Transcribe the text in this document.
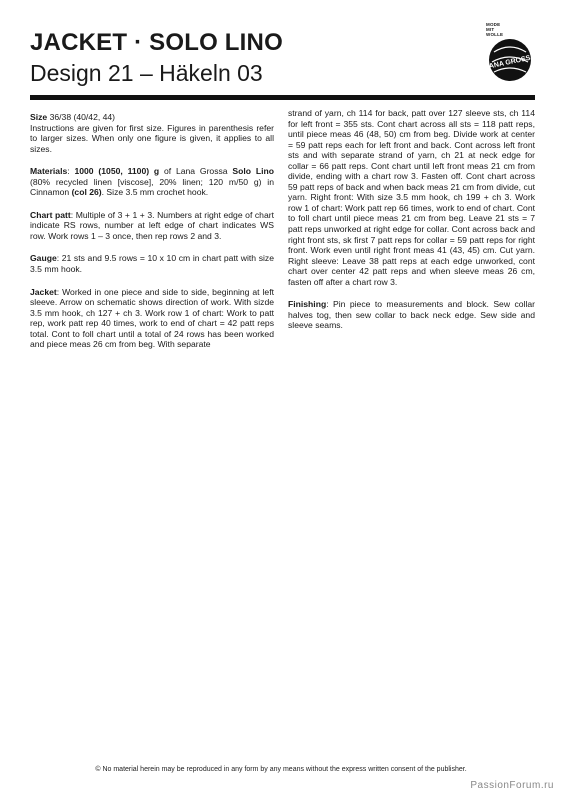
JACKET · SOLO LINO
Design 21 – Häkeln 03
MODE
MIT
WOLLE
LANA GROSSA

Size 36/38 (40/42, 44)
Instructions are given for first size. Figures in parenthesis refer to larger sizes. When only one figure is given, it applies to all sizes.

Materials: 1000 (1050, 1100) g of Lana Grossa Solo Lino (80% recycled linen [viscose], 20% linen; 120 m/50 g) in Cinnamon (col 26). Size 3.5 mm crochet hook.

Chart patt: Multiple of 3 + 1 + 3. Numbers at right edge of chart indicate RS rows, number at left edge of chart indicates WS row. Work rows 1 – 3 once, then rep rows 2 and 3.

Gauge: 21 sts and 9.5 rows = 10 x 10 cm in chart patt with size 3.5 mm hook.

Jacket: Worked in one piece and side to side, beginning at left sleeve. Arrow on schematic shows direction of work. With sizde 3.5 mm hook, ch 127 + ch 3. Work row 1 of chart: Work to patt rep, work patt rep 40 times, work to end of chart = 42 patt reps total. Cont to foll chart until a total of 24 rows has been worked and piece meas 26 cm from beg. With separate

strand of yarn, ch 114 for back, patt over 127 sleeve sts, ch 114 for left front = 355 sts. Cont chart across all sts = 118 patt reps, until piece meas 46 (48, 50) cm from beg. Divide work at center = 59 patt reps each for left front and back. Cont across left front sts and with separate strand of yarn, ch 21 at neck edge for collar = 66 patt reps. Cont chart until left front meas 21 cm from divide, ending with a chart row 3. Fasten off. Cont chart across 59 patt reps of back and when back meas 21 cm from divide, cut yarn. Right front: With size 3.5 mm hook, ch 199 + ch 3. Work row 1 of chart: Work patt rep 66 times, work to end of chart. Cont to foll chart until piece meas 21 cm from beg. Leave 21 sts = 7 patt reps unworked at right edge for collar. Cont across back and right front sts, sk first 7 patt reps for collar = 59 patt reps for right front. Work even until right front meas 41 (43, 45) cm. Cut yarn. Right sleeve: Leave 38 patt reps at each edge unworked, cont chart over center 42 patt reps and when sleeve meas 26 cm, fasten off after a chart row 3.

Finishing: Pin piece to measurements and block. Sew collar halves tog, then sew collar to back neck edge. Sew side and sleeve seams.

© No material herein may be reproduced in any form by any means without the express written consent of the publisher.
PassionForum.ru
